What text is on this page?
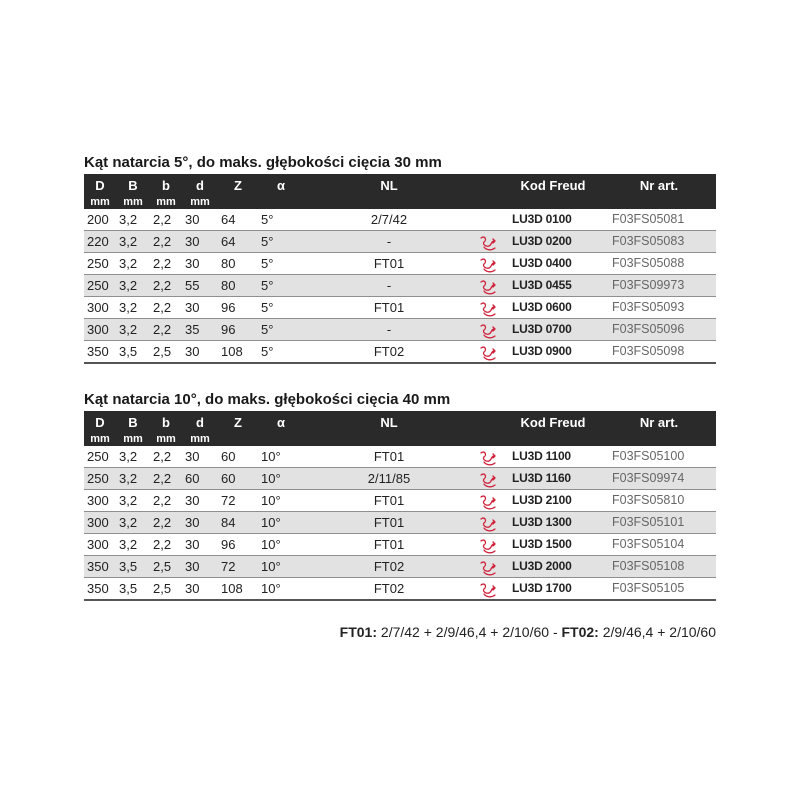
Kąt natarcia 5°, do maks. głębokości cięcia 30 mm
D	B	b	d	Z	α	NL		Kod Freud	Nr art.
mm	mm	mm	mm						
200	3,2	2,2	30	64	5°	2/7/42		LU3D 0100	F03FS05081
220	3,2	2,2	30	64	5°	-		LU3D 0200	F03FS05083
250	3,2	2,2	30	80	5°	FT01		LU3D 0400	F03FS05088
250	3,2	2,2	55	80	5°	-		LU3D 0455	F03FS09973
300	3,2	2,2	30	96	5°	FT01		LU3D 0600	F03FS05093
300	3,2	2,2	35	96	5°	-		LU3D 0700	F03FS05096
350	3,5	2,5	30	108	5°	FT02		LU3D 0900	F03FS05098
Kąt natarcia 10°, do maks. głębokości cięcia 40 mm
D	B	b	d	Z	α	NL		Kod Freud	Nr art.
mm	mm	mm	mm						
250	3,2	2,2	30	60	10°	FT01		LU3D 1100	F03FS05100
250	3,2	2,2	60	60	10°	2/11/85		LU3D 1160	F03FS09974
300	3,2	2,2	30	72	10°	FT01		LU3D 2100	F03FS05810
300	3,2	2,2	30	84	10°	FT01		LU3D 1300	F03FS05101
300	3,2	2,2	30	96	10°	FT01		LU3D 1500	F03FS05104
350	3,5	2,5	30	72	10°	FT02		LU3D 2000	F03FS05108
350	3,5	2,5	30	108	10°	FT02		LU3D 1700	F03FS05105
FT01: 2/7/42 + 2/9/46,4 + 2/10/60 - FT02: 2/9/46,4 + 2/10/60
